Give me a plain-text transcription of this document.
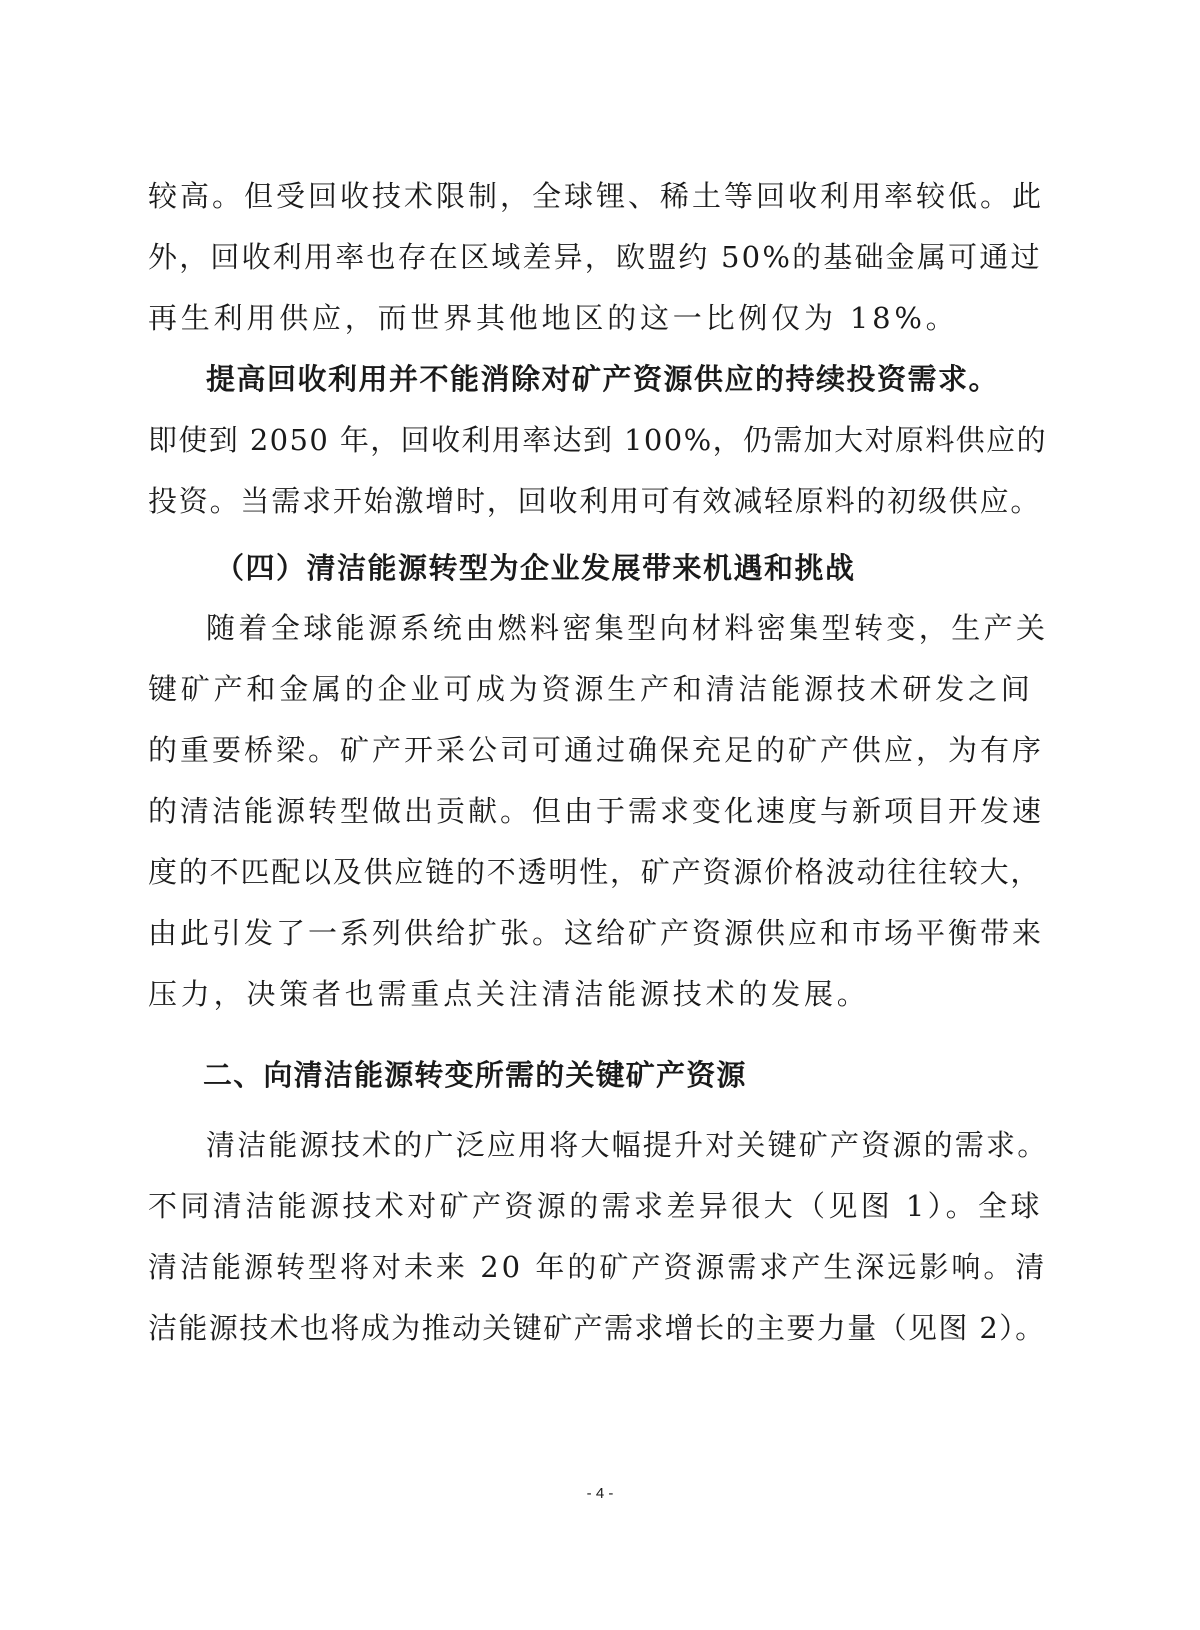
较高。但受回收技术限制，全球锂、稀土等回收利用率较低。此
外，回收利用率也存在区域差异，欧盟约 50%的基础金属可通过
再生利用供应，而世界其他地区的这一比例仅为 18%。
提高回收利用并不能消除对矿产资源供应的持续投资需求。
即使到 2050 年，回收利用率达到 100%，仍需加大对原料供应的
投资。当需求开始激增时，回收利用可有效减轻原料的初级供应。
（四）清洁能源转型为企业发展带来机遇和挑战
随着全球能源系统由燃料密集型向材料密集型转变，生产关
键矿产和金属的企业可成为资源生产和清洁能源技术研发之间
的重要桥梁。矿产开采公司可通过确保充足的矿产供应，为有序
的清洁能源转型做出贡献。但由于需求变化速度与新项目开发速
度的不匹配以及供应链的不透明性，矿产资源价格波动往往较大，
由此引发了一系列供给扩张。这给矿产资源供应和市场平衡带来
压力，决策者也需重点关注清洁能源技术的发展。
二、向清洁能源转变所需的关键矿产资源
清洁能源技术的广泛应用将大幅提升对关键矿产资源的需求。
不同清洁能源技术对矿产资源的需求差异很大（见图 1）。全球
清洁能源转型将对未来 20 年的矿产资源需求产生深远影响。清
洁能源技术也将成为推动关键矿产需求增长的主要力量（见图 2）。
- 4 -
